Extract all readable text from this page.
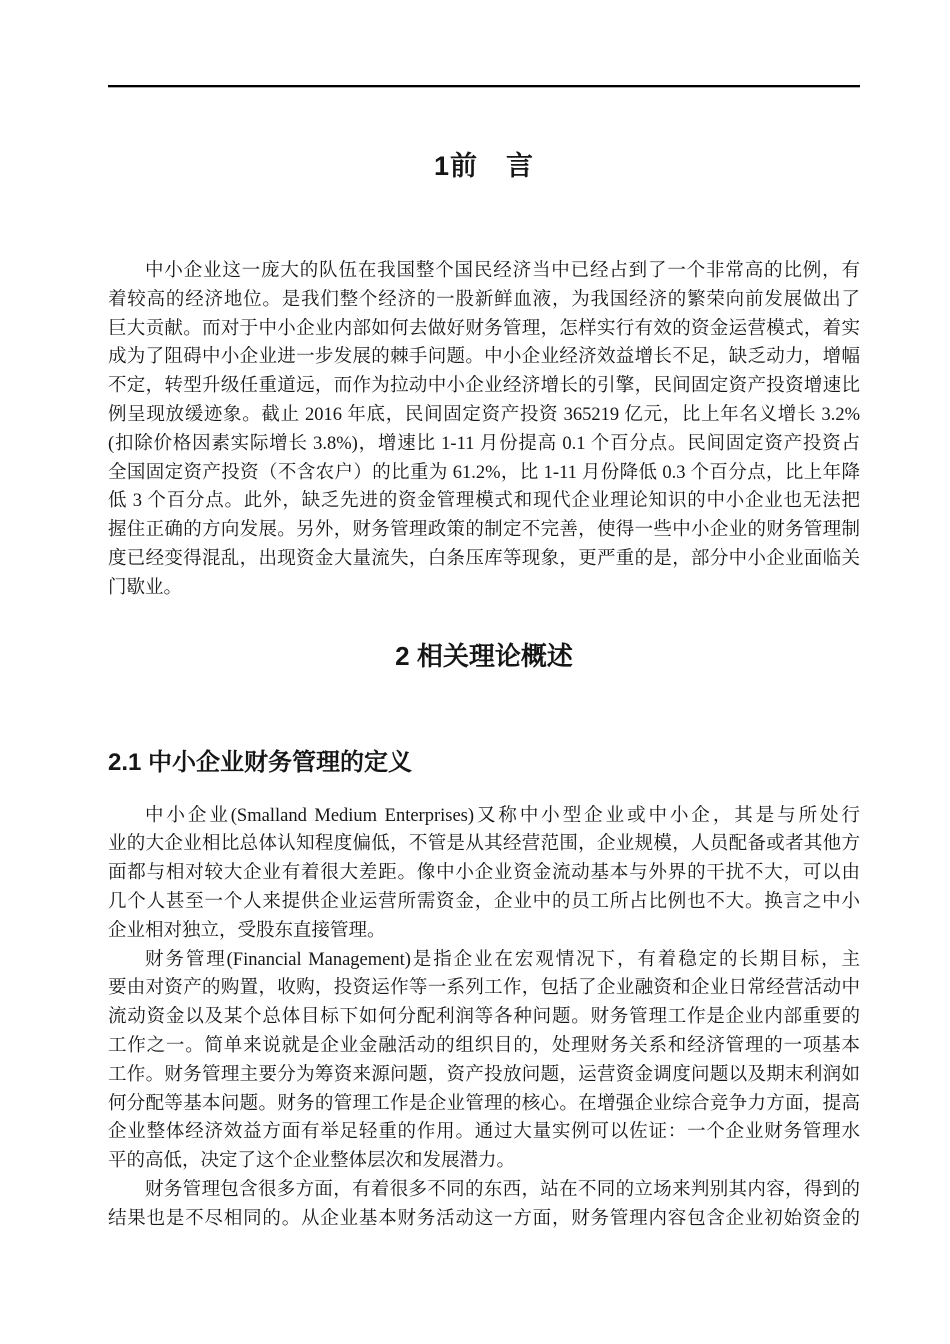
1前　言
中小企业这一庞大的队伍在我国整个国民经济当中已经占到了一个非常高的比例，有
着较高的经济地位。是我们整个经济的一股新鲜血液，为我国经济的繁荣向前发展做出了
巨大贡献。而对于中小企业内部如何去做好财务管理，怎样实行有效的资金运营模式，着实
成为了阻碍中小企业进一步发展的棘手问题。中小企业经济效益增长不足，缺乏动力，增幅
不定，转型升级任重道远，而作为拉动中小企业经济增长的引擎，民间固定资产投资增速比
例呈现放缓迹象。截止 2016 年底，民间固定资产投资 365219 亿元，比上年名义增长 3.2%
(扣除价格因素实际增长 3.8%)，增速比 1-11 月份提高 0.1 个百分点。民间固定资产投资占
全国固定资产投资（不含农户）的比重为 61.2%，比 1-11 月份降低 0.3 个百分点，比上年降
低 3 个百分点。此外，缺乏先进的资金管理模式和现代企业理论知识的中小企业也无法把
握住正确的方向发展。另外，财务管理政策的制定不完善，使得一些中小企业的财务管理制
度已经变得混乱，出现资金大量流失，白条压库等现象，更严重的是，部分中小企业面临关
门歇业。
2 相关理论概述
2.1 中小企业财务管理的定义
中小企业(Smalland Medium Enterprises)又称中小型企业或中小企，其是与所处行
业的大企业相比总体认知程度偏低，不管是从其经营范围，企业规模，人员配备或者其他方
面都与相对较大企业有着很大差距。像中小企业资金流动基本与外界的干扰不大，可以由
几个人甚至一个人来提供企业运营所需资金，企业中的员工所占比例也不大。换言之中小
企业相对独立，受股东直接管理。
财务管理(Financial Management)是指企业在宏观情况下，有着稳定的长期目标，主
要由对资产的购置，收购，投资运作等一系列工作，包括了企业融资和企业日常经营活动中
流动资金以及某个总体目标下如何分配利润等各种问题。财务管理工作是企业内部重要的
工作之一。简单来说就是企业金融活动的组织目的，处理财务关系和经济管理的一项基本
工作。财务管理主要分为筹资来源问题，资产投放问题，运营资金调度问题以及期末利润如
何分配等基本问题。财务的管理工作是企业管理的核心。在增强企业综合竞争力方面，提高
企业整体经济效益方面有举足轻重的作用。通过大量实例可以佐证：一个企业财务管理水
平的高低，决定了这个企业整体层次和发展潜力。
财务管理包含很多方面，有着很多不同的东西，站在不同的立场来判别其内容，得到的
结果也是不尽相同的。从企业基本财务活动这一方面，财务管理内容包含企业初始资金的
